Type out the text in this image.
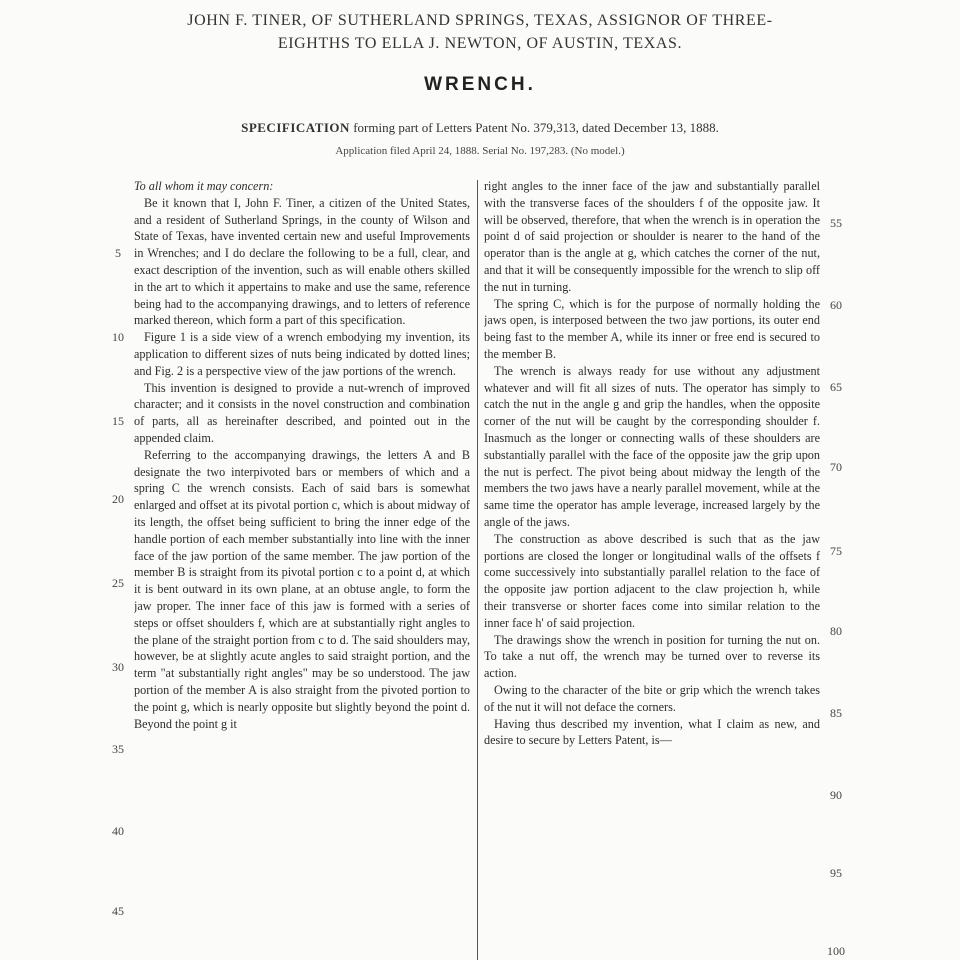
JOHN F. TINER, OF SUTHERLAND SPRINGS, TEXAS, ASSIGNOR OF THREE-
EIGHTHS TO ELLA J. NEWTON, OF AUSTIN, TEXAS.
WRENCH.
SPECIFICATION forming part of Letters Patent No. 379,313, dated December 13, 1888.
Application filed April 24, 1888. Serial No. 197,283. (No model.)

To all whom it may concern:

Be it known that I, John F. Tiner, a citizen of the United States, and a resident of Sutherland Springs, in the county of Wilson and State of Texas, have invented certain new and useful Improvements in Wrenches; and I do declare the following to be a full, clear, and exact description of the invention, such as will enable others skilled in the art to which it appertains to make and use the same, reference being had to the accompanying drawings, and to letters of reference marked thereon, which form a part of this specification.

Figure 1 is a side view of a wrench embodying my invention, its application to different sizes of nuts being indicated by dotted lines; and Fig. 2 is a perspective view of the jaw portions of the wrench.

This invention is designed to provide a nut-wrench of improved character; and it consists in the novel construction and combination of parts, all as hereinafter described, and pointed out in the appended claim.

Referring to the accompanying drawings, the letters A and B designate the two interpivoted bars or members of which and a spring C the wrench consists. Each of said bars is somewhat enlarged and offset at its pivotal portion c, which is about midway of its length, the offset being sufficient to bring the inner edge of the handle portion of each member substantially into line with the inner face of the jaw portion of the same member. The jaw portion of the member B is straight from its pivotal portion c to a point d, at which it is bent outward in its own plane, at an obtuse angle, to form the jaw proper. The inner face of this jaw is formed with a series of steps or offset shoulders f, which are at substantially right angles to the plane of the straight portion from c to d. The said shoulders may, however, be at slightly acute angles to said straight portion, and the term "at substantially right angles" may be so understood. The jaw portion of the member A is also straight from the pivoted portion to the point g, which is nearly opposite but slightly beyond the point d. Beyond the point g it

right angles to the inner face of the jaw and substantially parallel with the transverse faces of the shoulders f of the opposite jaw. It will be observed, therefore, that when the wrench is in operation the point d of said projection or shoulder is nearer to the hand of the operator than is the angle at g, which catches the corner of the nut, and that it will be consequently impossible for the wrench to slip off the nut in turning.

The spring C, which is for the purpose of normally holding the jaws open, is interposed between the two jaw portions, its outer end being fast to the member A, while its inner or free end is secured to the member B.

The wrench is always ready for use without any adjustment whatever and will fit all sizes of nuts. The operator has simply to catch the nut in the angle g and grip the handles, when the opposite corner of the nut will be caught by the corresponding shoulder f. Inasmuch as the longer or connecting walls of these shoulders are substantially parallel with the face of the opposite jaw the grip upon the nut is perfect. The pivot being about midway the length of the members the two jaws have a nearly parallel movement, while at the same time the operator has ample leverage, increased largely by the angle of the jaws.

The construction as above described is such that as the jaw portions are closed the longer or longitudinal walls of the offsets f come successively into substantially parallel relation to the face of the opposite jaw portion adjacent to the claw projection h, while their transverse or shorter faces come into similar relation to the inner face h' of said projection.

The drawings show the wrench in position for turning the nut on. To take a nut off, the wrench may be turned over to reverse its action.

Owing to the character of the bite or grip which the wrench takes of the nut it will not deface the corners.

Having thus described my invention, what I claim as new, and desire to secure by Letters Patent, is—

5
10
15
20
25
30
35
40
45
55
60
65
70
75
80
85
90
95
100
